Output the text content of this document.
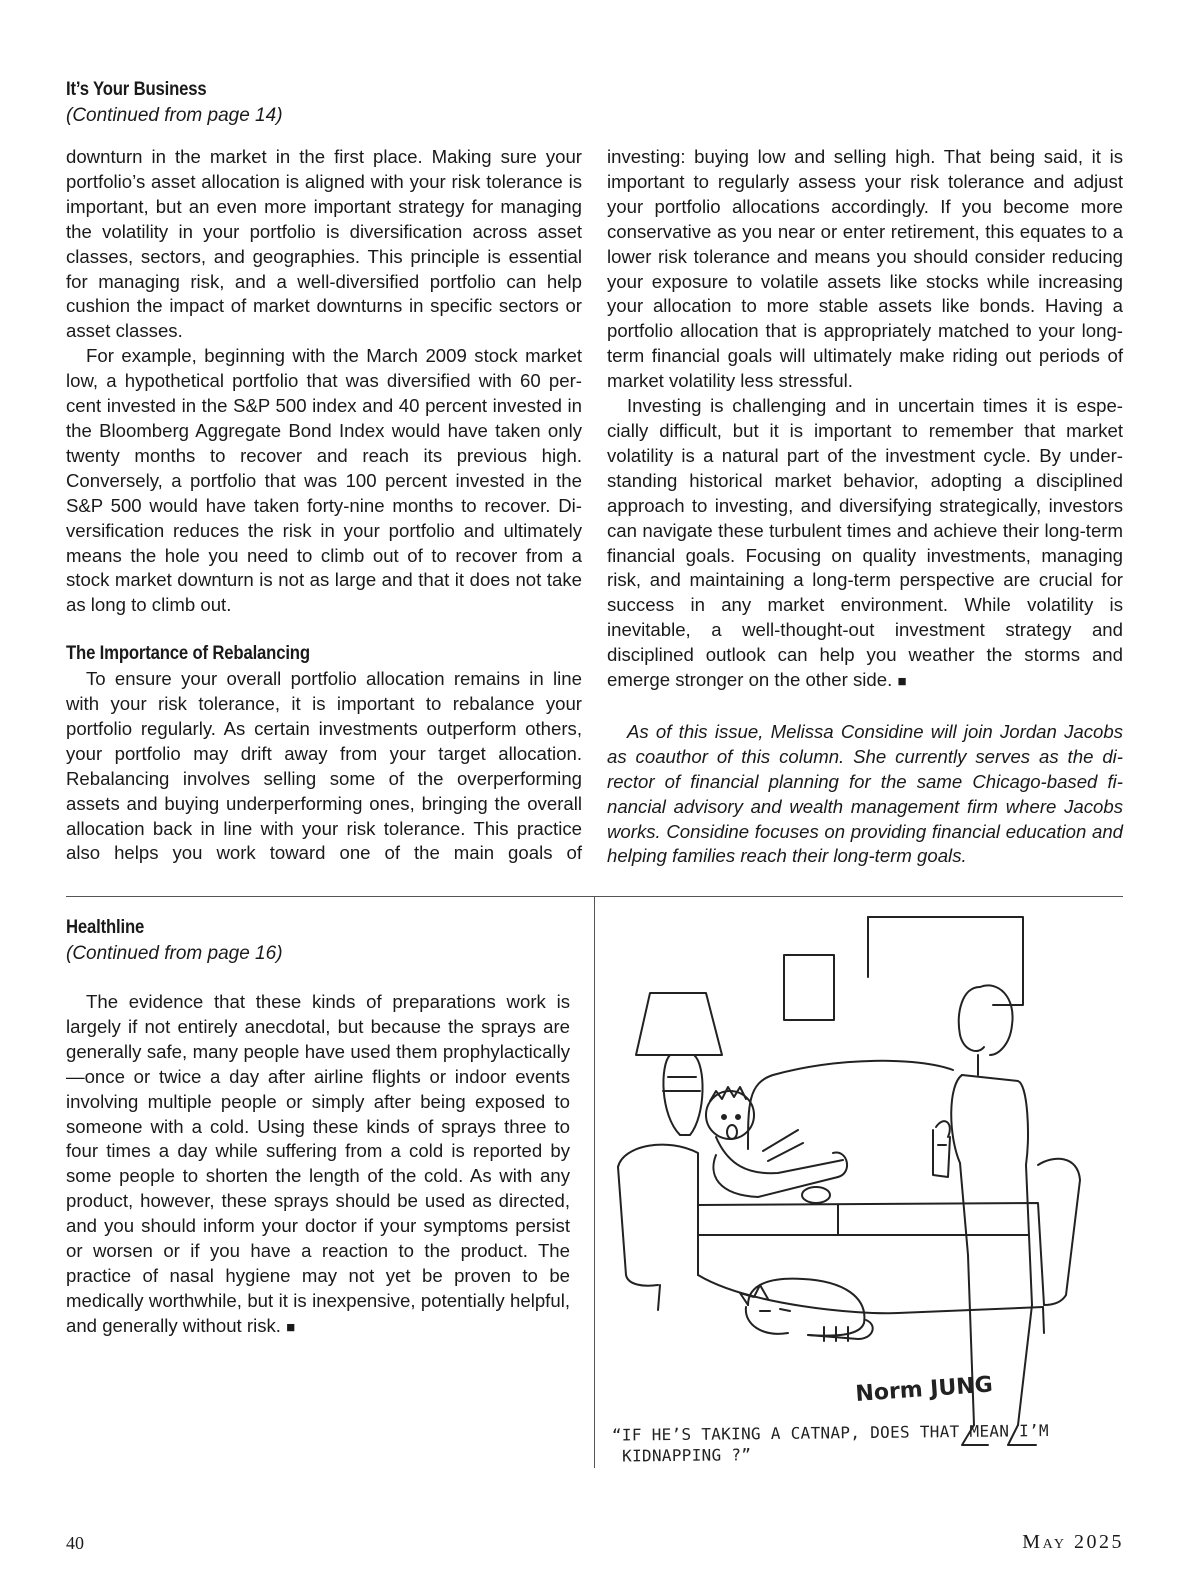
It’s Your Business
(Continued from page 14)

downturn in the market in the first place. Making sure your portfolio’s asset allocation is aligned with your risk tolerance is important, but an even more important strategy for managing the volatility in your portfolio is diversification across asset classes, sectors, and geographies. This principle is essential for managing risk, and a well-diversified portfolio can help cushion the impact of market downturns in specific sectors or asset classes.

For example, beginning with the March 2009 stock market low, a hypothetical portfolio that was diversified with 60 percent invested in the S&P 500 index and 40 percent invested in the Bloomberg Aggregate Bond Index would have taken only twenty months to recover and reach its previous high. Conversely, a portfolio that was 100 percent invested in the S&P 500 would have taken forty-nine months to recover. Diversification reduces the risk in your portfolio and ultimately means the hole you need to climb out of to recover from a stock market downturn is not as large and that it does not take as long to climb out.

The Importance of Rebalancing

To ensure your overall portfolio allocation remains in line with your risk tolerance, it is important to rebalance your portfolio regularly. As certain investments outperform others, your portfolio may drift away from your target allocation. Rebalancing involves selling some of the overperforming assets and buying underperforming ones, bringing the overall allocation back in line with your risk tolerance. This practice also helps you work toward one of the main goals of

investing: buying low and selling high. That being said, it is important to regularly assess your risk tolerance and adjust your portfolio allocations accordingly. If you become more conservative as you near or enter retirement, this equates to a lower risk tolerance and means you should consider reducing your exposure to volatile assets like stocks while increasing your allocation to more stable assets like bonds. Having a portfolio allocation that is appropriately matched to your long-term financial goals will ultimately make riding out periods of market volatility less stressful.

Investing is challenging and in uncertain times it is especially difficult, but it is important to remember that market volatility is a natural part of the investment cycle. By understanding historical market behavior, adopting a disciplined approach to investing, and diversifying strategically, investors can navigate these turbulent times and achieve their long-term financial goals. Focusing on quality investments, managing risk, and maintaining a long-term perspective are crucial for success in any market environment. While volatility is inevitable, a well-thought-out investment strategy and disciplined outlook can help you weather the storms and emerge stronger on the other side. ■

As of this issue, Melissa Considine will join Jordan Jacobs as coauthor of this column. She currently serves as the director of financial planning for the same Chicago-based financial advisory and wealth management firm where Jacobs works. Considine focuses on providing financial education and helping families reach their long-term goals.

Healthline
(Continued from page 16)

The evidence that these kinds of preparations work is largely if not entirely anecdotal, but because the sprays are generally safe, many people have used them prophylactically—once or twice a day after airline flights or indoor events involving multiple people or simply after being exposed to someone with a cold. Using these kinds of sprays three to four times a day while suffering from a cold is reported by some people to shorten the length of the cold. As with any product, however, these sprays should be used as directed, and you should inform your doctor if your symptoms persist or worsen or if you have a reaction to the product. The practice of nasal hygiene may not yet be proven to be medically worthwhile, but it is inexpensive, potentially helpful, and generally without risk. ■

Norm JUNG
“IF HE’S TAKING A CATNAP, DOES THAT MEAN I’M
KIDNAPPING ?”
40	May 2025
